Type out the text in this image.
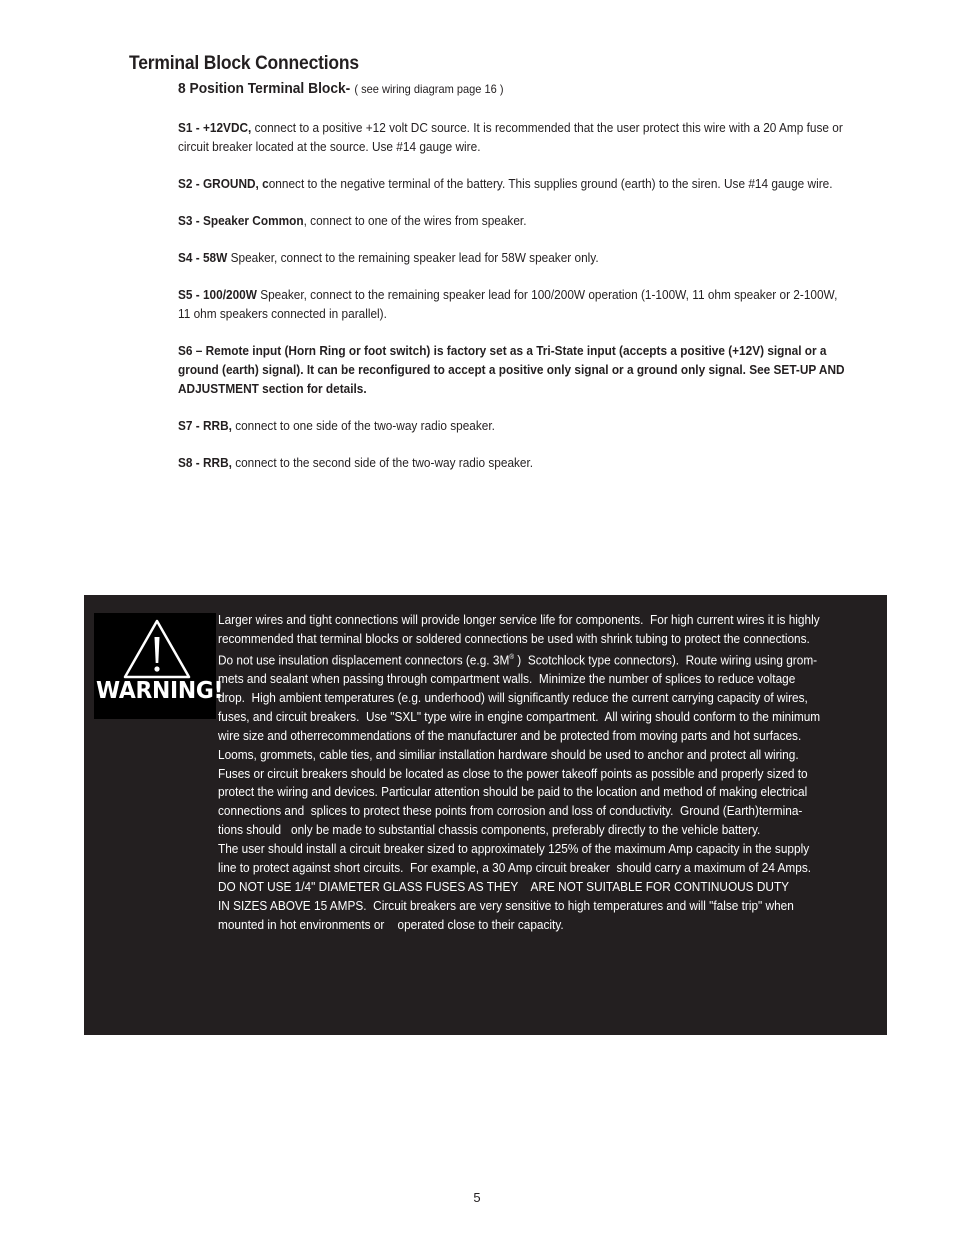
Terminal Block Connections
8 Position Terminal Block- ( see wiring diagram page 16 )

S1 - +12VDC, connect to a positive +12 volt DC source. It is recommended that the user protect this wire with a 20 Amp fuse or circuit breaker located at the source. Use #14 gauge wire.

S2 - GROUND, connect to the negative terminal of the battery. This supplies ground (earth) to the siren. Use #14 gauge wire.

S3 - Speaker Common, connect to one of the wires from speaker.

S4 - 58W Speaker, connect to the remaining speaker lead for 58W speaker only.

S5 - 100/200W Speaker, connect to the remaining speaker lead for 100/200W operation (1-100W, 11 ohm speaker or 2-100W, 11 ohm speakers connected in parallel).

S6 – Remote input (Horn Ring or foot switch) is factory set as a Tri-State input (accepts a positive (+12V) signal or a ground (earth) signal). It can be reconfigured to accept a positive only signal or a ground only signal. See SET-UP AND ADJUSTMENT section for details.

S7 - RRB, connect to one side of the two-way radio speaker.

S8 - RRB, connect to the second side of the two-way radio speaker.

WARNING!
Larger wires and tight connections will provide longer service life for components.  For high current wires it is highly
recommended that terminal blocks or soldered connections be used with shrink tubing to protect the connections.
Do not use insulation displacement connectors (e.g. 3M® )  Scotchlock type connectors).  Route wiring using grom-
mets and sealant when passing through compartment walls.  Minimize the number of splices to reduce voltage
drop.  High ambient temperatures (e.g. underhood) will significantly reduce the current carrying capacity of wires,
fuses, and circuit breakers.  Use "SXL" type wire in engine compartment.  All wiring should conform to the minimum
wire size and otherrecommendations of the manufacturer and be protected from moving parts and hot surfaces.
Looms, grommets, cable ties, and similiar installation hardware should be used to anchor and protect all wiring.
Fuses or circuit breakers should be located as close to the power takeoff points as possible and properly sized to
protect the wiring and devices. Particular attention should be paid to the location and method of making electrical
connections and  splices to protect these points from corrosion and loss of conductivity.  Ground (Earth)termina-
tions should   only be made to substantial chassis components, preferably directly to the vehicle battery.
The user should install a circuit breaker sized to approximately 125% of the maximum Amp capacity in the supply
line to protect against short circuits.  For example, a 30 Amp circuit breaker  should carry a maximum of 24 Amps.
DO NOT USE 1/4" DIAMETER GLASS FUSES AS THEY    ARE NOT SUITABLE FOR CONTINUOUS DUTY
IN SIZES ABOVE 15 AMPS.  Circuit breakers are very sensitive to high temperatures and will "false trip" when
mounted in hot environments or    operated close to their capacity.
5
